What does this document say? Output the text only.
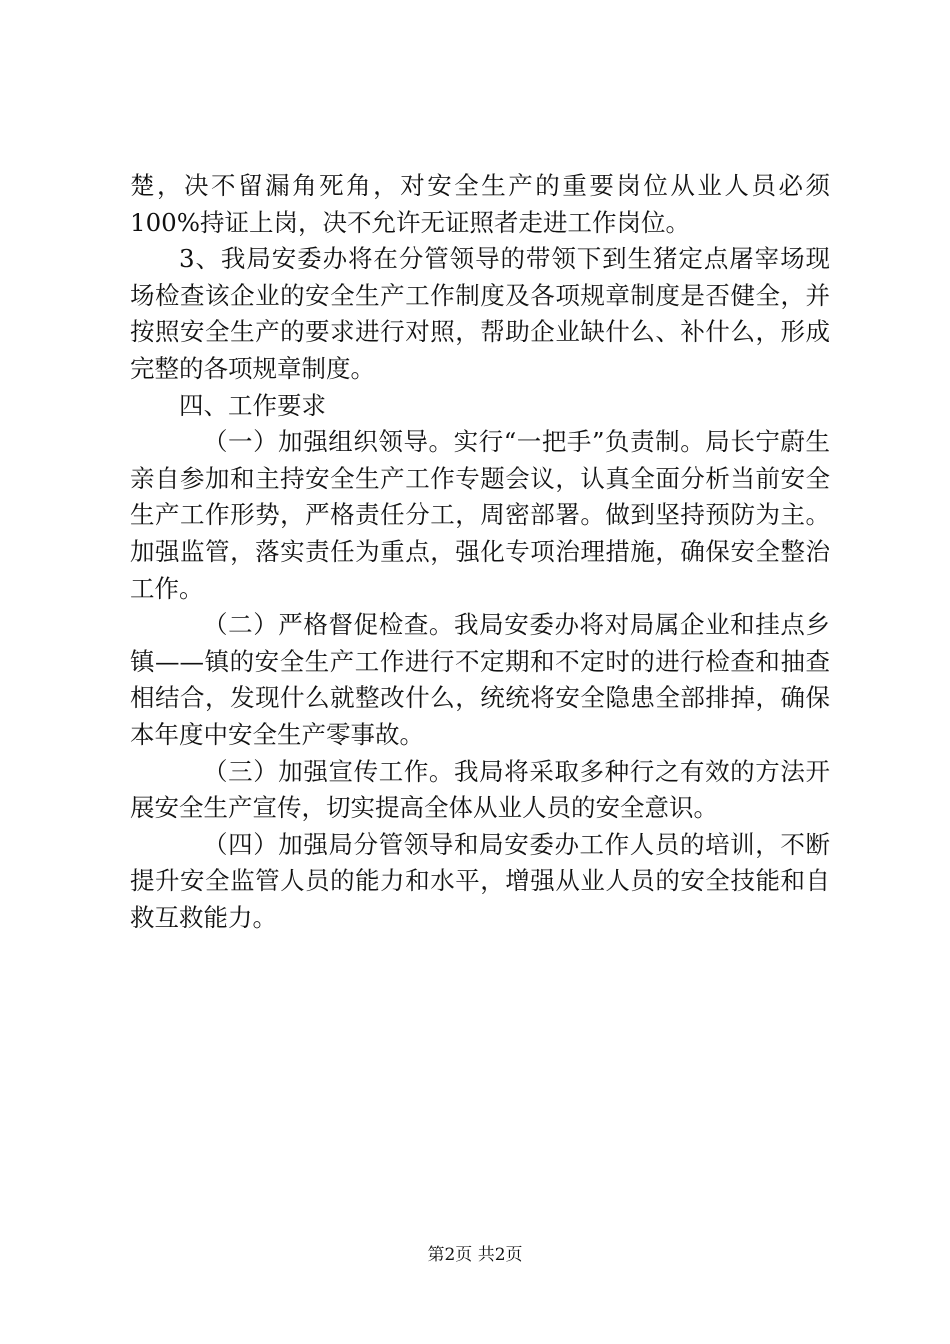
楚，决不留漏角死角，对安全生产的重要岗位从业人员必须100%持证上岗，决不允许无证照者走进工作岗位。

3、我局安委办将在分管领导的带领下到生猪定点屠宰场现场检查该企业的安全生产工作制度及各项规章制度是否健全，并按照安全生产的要求进行对照，帮助企业缺什么、补什么，形成完整的各项规章制度。

四、工作要求

（一）加强组织领导。实行“一把手”负责制。局长宁蔚生亲自参加和主持安全生产工作专题会议，认真全面分析当前安全生产工作形势，严格责任分工，周密部署。做到坚持预防为主。加强监管，落实责任为重点，强化专项治理措施，确保安全整治工作。

（二）严格督促检查。我局安委办将对局属企业和挂点乡镇——镇的安全生产工作进行不定期和不定时的进行检查和抽查相结合，发现什么就整改什么，统统将安全隐患全部排掉，确保本年度中安全生产零事故。

（三）加强宣传工作。我局将采取多种行之有效的方法开展安全生产宣传，切实提高全体从业人员的安全意识。

（四）加强局分管领导和局安委办工作人员的培训，不断提升安全监管人员的能力和水平，增强从业人员的安全技能和自救互救能力。

第2页 共2页
